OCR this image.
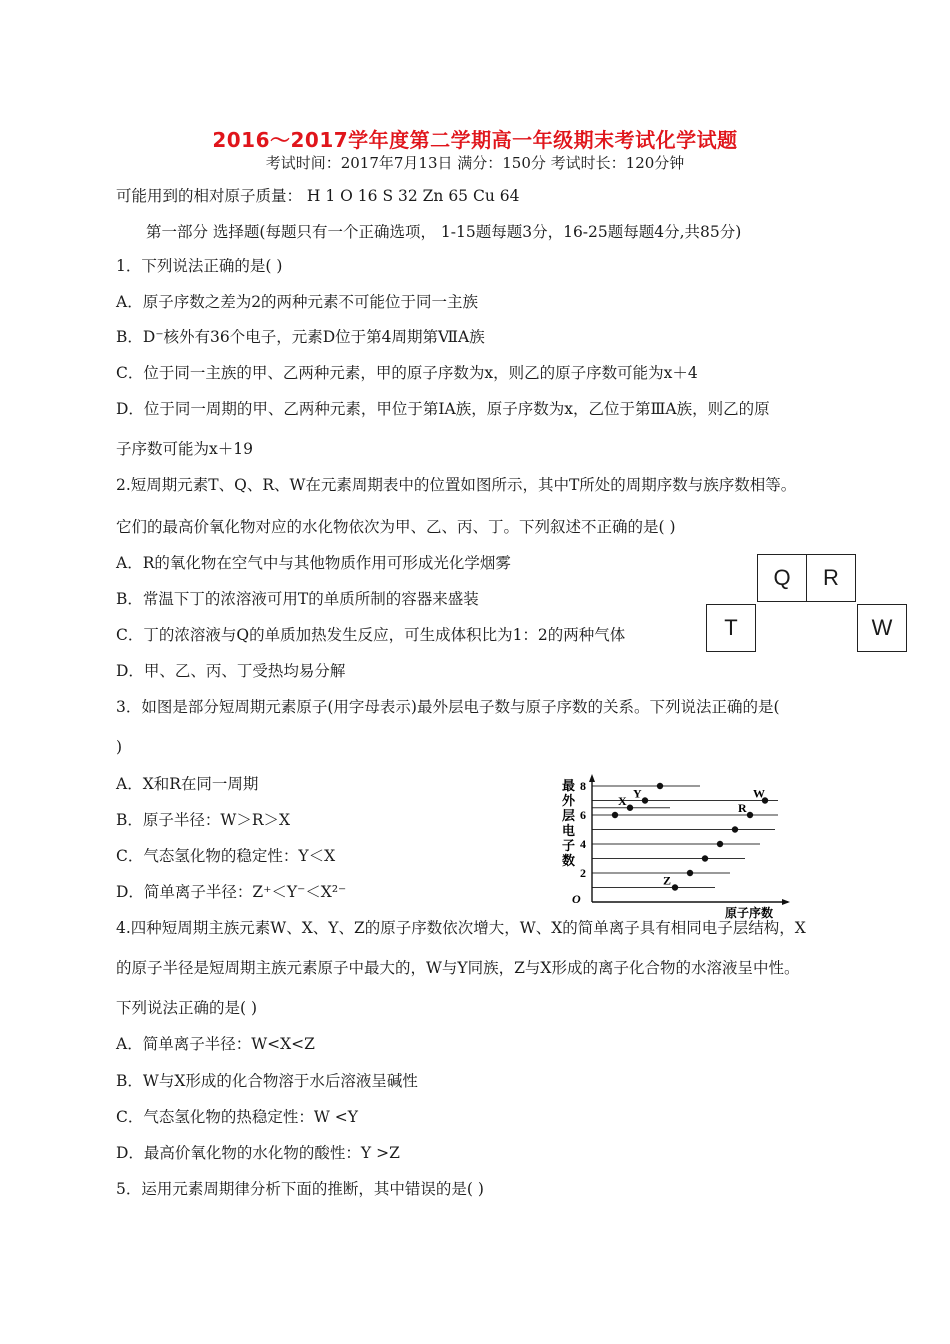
2016～2017学年度第二学期高一年级期末考试化学试题
考试时间：2017年7月13日 满分：150分 考试时长：120分钟
可能用到的相对原子质量： H 1 O 16 S 32 Zn 65 Cu 64
第一部分 选择题(每题只有一个正确选项， 1-15题每题3分，16-25题每题4分,共85分)
1．下列说法正确的是( )
A．原子序数之差为2的两种元素不可能位于同一主族
B．D⁻核外有36个电子，元素D位于第4周期第ⅦA族
C．位于同一主族的甲、乙两种元素，甲的原子序数为x，则乙的原子序数可能为x＋4
D．位于同一周期的甲、乙两种元素，甲位于第ⅠA族，原子序数为x，乙位于第ⅢA族，则乙的原
子序数可能为x＋19
2.短周期元素T、Q、R、W在元素周期表中的位置如图所示，其中T所处的周期序数与族序数相等。
它们的最高价氧化物对应的水化物依次为甲、乙、丙、丁。下列叙述不正确的是( )
A．R的氧化物在空气中与其他物质作用可形成光化学烟雾
B．常温下丁的浓溶液可用T的单质所制的容器来盛装
C．丁的浓溶液与Q的单质加热发生反应，可生成体积比为1：2的两种气体
D．甲、乙、丙、丁受热均易分解
Q	R
T	W
3．如图是部分短周期元素原子(用字母表示)最外层电子数与原子序数的关系。下列说法正确的是(
)
A．X和R在同一周期
B．原子半径：W＞R＞X
C．气态氢化物的稳定性：Y＜X
D．简单离子半径：Z⁺＜Y⁻＜X²⁻
2
4
6
8
X
Y
Z
R
W
最
外
层
电
子
数
O
原子序数
4.四种短周期主族元素W、X、Y、Z的原子序数依次增大，W、X的简单离子具有相同电子层结构，X
的原子半径是短周期主族元素原子中最大的，W与Y同族，Z与X形成的离子化合物的水溶液呈中性。
下列说法正确的是( )
A．简单离子半径：W<X<Z
B．W与X形成的化合物溶于水后溶液呈碱性
C．气态氢化物的热稳定性：W <Y
D．最高价氧化物的水化物的酸性：Y >Z
5．运用元素周期律分析下面的推断，其中错误的是( )
